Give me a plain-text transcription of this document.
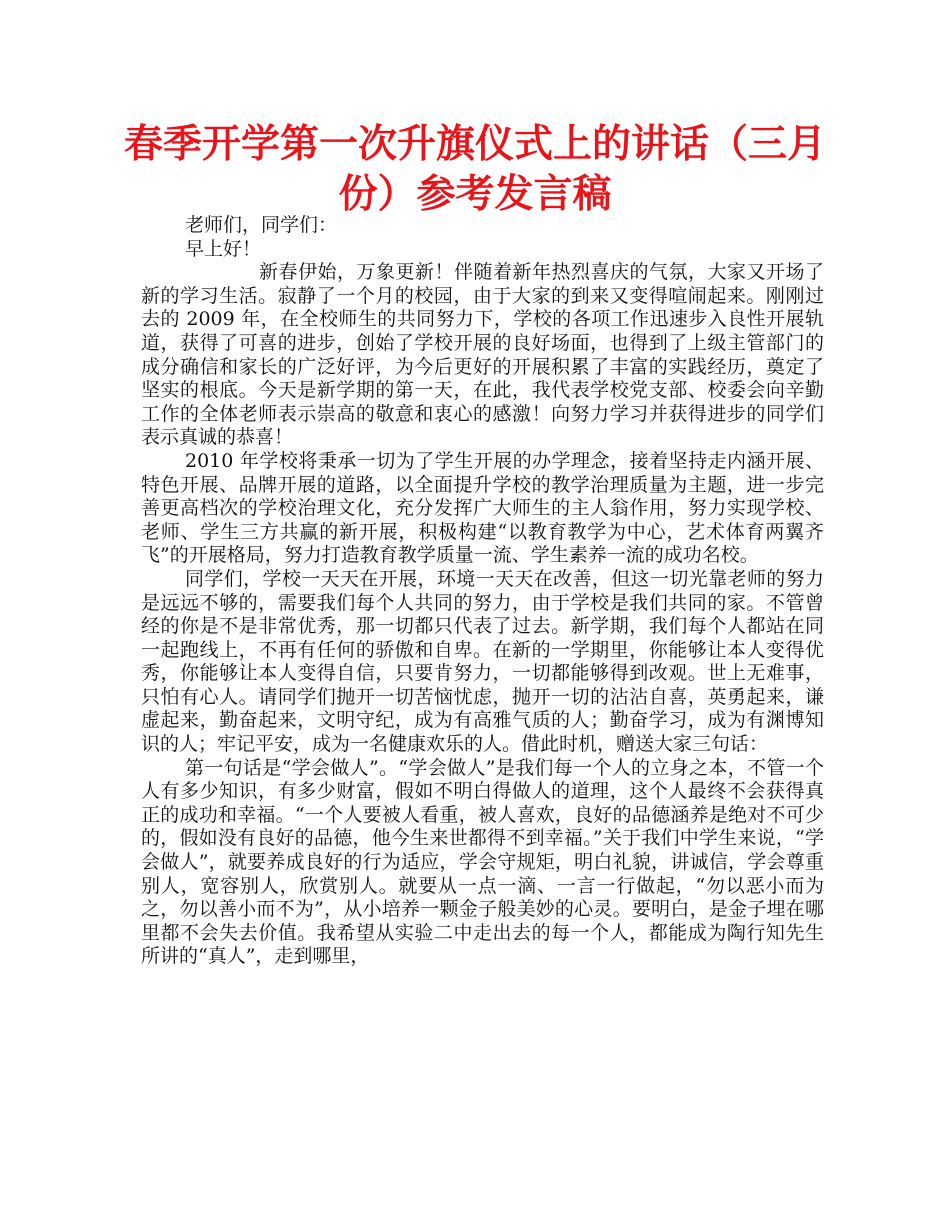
春季开学第一次升旗仪式上的讲话（三月份）参考发言稿

老师们，同学们：

早上好！

新春伊始，万象更新！伴随着新年热烈喜庆的气氛，大家又开场了新的学习生活。寂静了一个月的校园，由于大家的到来又变得喧闹起来。刚刚过去的 2009 年，在全校师生的共同努力下，学校的各项工作迅速步入良性开展轨道，获得了可喜的进步，创始了学校开展的良好场面，也得到了上级主管部门的成分确信和家长的广泛好评，为今后更好的开展积累了丰富的实践经历，奠定了坚实的根底。今天是新学期的第一天，在此，我代表学校党支部、校委会向辛勤工作的全体老师表示崇高的敬意和衷心的感激！向努力学习并获得进步的同学们表示真诚的恭喜！

2010 年学校将秉承一切为了学生开展的办学理念，接着坚持走内涵开展、特色开展、品牌开展的道路，以全面提升学校的教学治理质量为主题，进一步完善更高档次的学校治理文化，充分发挥广大师生的主人翁作用，努力实现学校、老师、学生三方共赢的新开展，积极构建“以教育教学为中心，艺术体育两翼齐飞”的开展格局，努力打造教育教学质量一流、学生素养一流的成功名校。

同学们，学校一天天在开展，环境一天天在改善，但这一切光靠老师的努力是远远不够的，需要我们每个人共同的努力，由于学校是我们共同的家。不管曾经的你是不是非常优秀，那一切都只代表了过去。新学期，我们每个人都站在同一起跑线上，不再有任何的骄傲和自卑。在新的一学期里，你能够让本人变得优秀，你能够让本人变得自信，只要肯努力，一切都能够得到改观。世上无难事，只怕有心人。请同学们抛开一切苦恼忧虑，抛开一切的沾沾自喜，英勇起来，谦虚起来，勤奋起来，文明守纪，成为有高雅气质的人；勤奋学习，成为有渊博知识的人；牢记平安，成为一名健康欢乐的人。借此时机，赠送大家三句话：

第一句话是“学会做人”。“学会做人”是我们每一个人的立身之本，不管一个人有多少知识，有多少财富，假如不明白得做人的道理，这个人最终不会获得真正的成功和幸福。“一个人要被人看重，被人喜欢，良好的品德涵养是绝对不可少的，假如没有良好的品德，他今生来世都得不到幸福。”关于我们中学生来说，“学会做人”，就要养成良好的行为适应，学会守规矩，明白礼貌，讲诚信，学会尊重别人，宽容别人，欣赏别人。就要从一点一滴、一言一行做起，“勿以恶小而为之，勿以善小而不为”，从小培养一颗金子般美妙的心灵。要明白，是金子埋在哪里都不会失去价值。我希望从实验二中走出去的每一个人，都能成为陶行知先生所讲的“真人”，走到哪里，
